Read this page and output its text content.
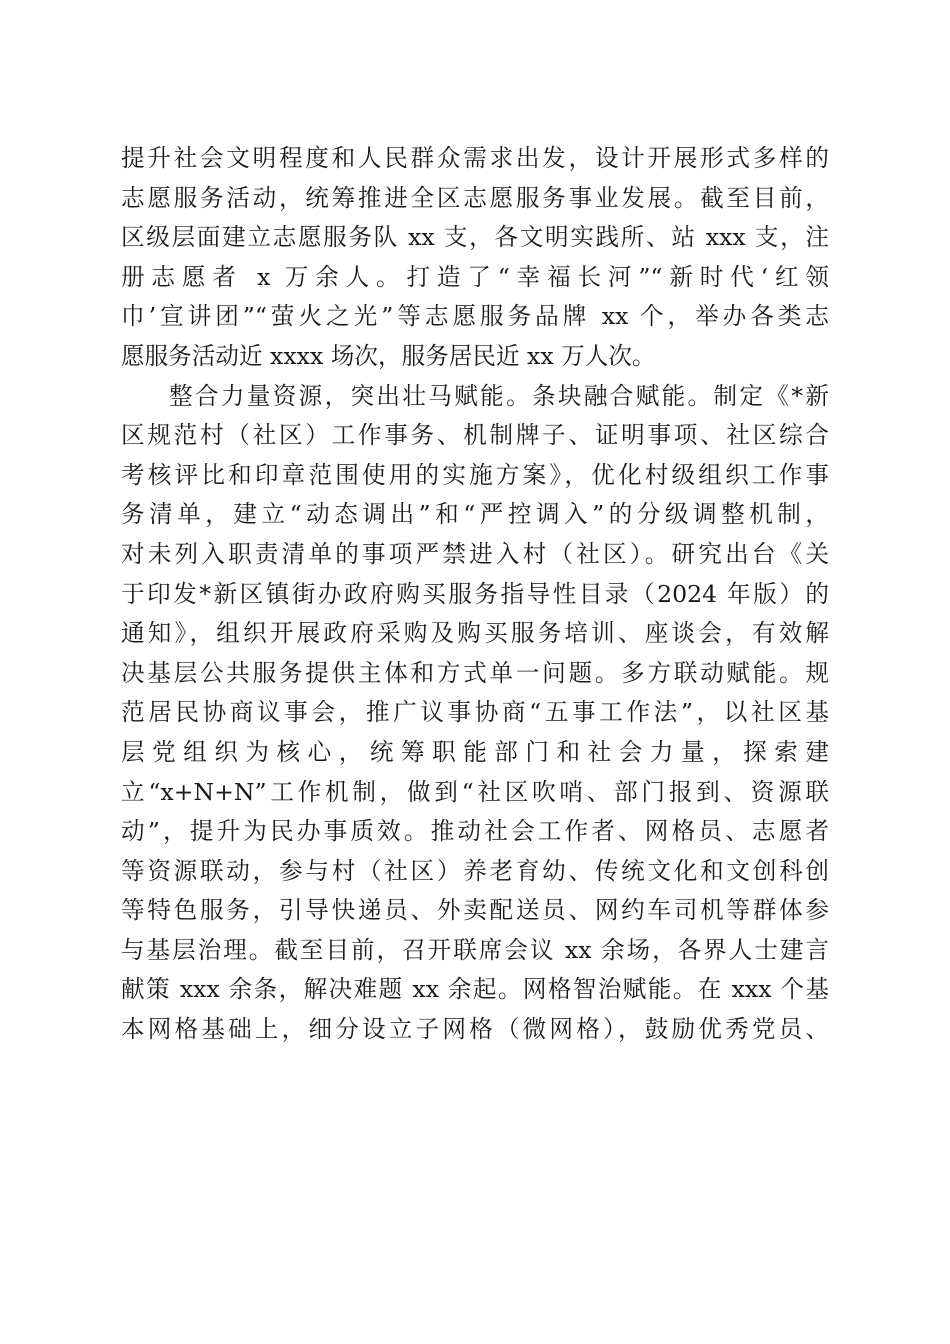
提升社会文明程度和人民群众需求出发，设计开展形式多样的
志愿服务活动，统筹推进全区志愿服务事业发展。截至目前，
区级层面建立志愿服务队 xx 支，各文明实践所、站 xxx 支，注
册志愿者 x 万余人。打造了“幸福长河”“新时代‘红领
巾’宣讲团”“萤火之光”等志愿服务品牌 xx 个，举办各类志
愿服务活动近 xxxx 场次，服务居民近 xx 万人次。
整合力量资源，突出壮马赋能。条块融合赋能。制定《*新
区规范村（社区）工作事务、机制牌子、证明事项、社区综合
考核评比和印章范围使用的实施方案》，优化村级组织工作事
务清单，建立“动态调出”和“严控调入”的分级调整机制，
对未列入职责清单的事项严禁进入村（社区）。研究出台《关
于印发*新区镇街办政府购买服务指导性目录（2024 年版）的
通知》，组织开展政府采购及购买服务培训、座谈会，有效解
决基层公共服务提供主体和方式单一问题。多方联动赋能。规
范居民协商议事会，推广议事协商“五事工作法”，以社区基
层党组织为核心，统筹职能部门和社会力量，探索建
立“x+N+N”工作机制，做到“社区吹哨、部门报到、资源联
动”，提升为民办事质效。推动社会工作者、网格员、志愿者
等资源联动，参与村（社区）养老育幼、传统文化和文创科创
等特色服务，引导快递员、外卖配送员、网约车司机等群体参
与基层治理。截至目前，召开联席会议 xx 余场，各界人士建言
献策 xxx 余条，解决难题 xx 余起。网格智治赋能。在 xxx 个基
本网格基础上，细分设立子网格（微网格），鼓励优秀党员、
